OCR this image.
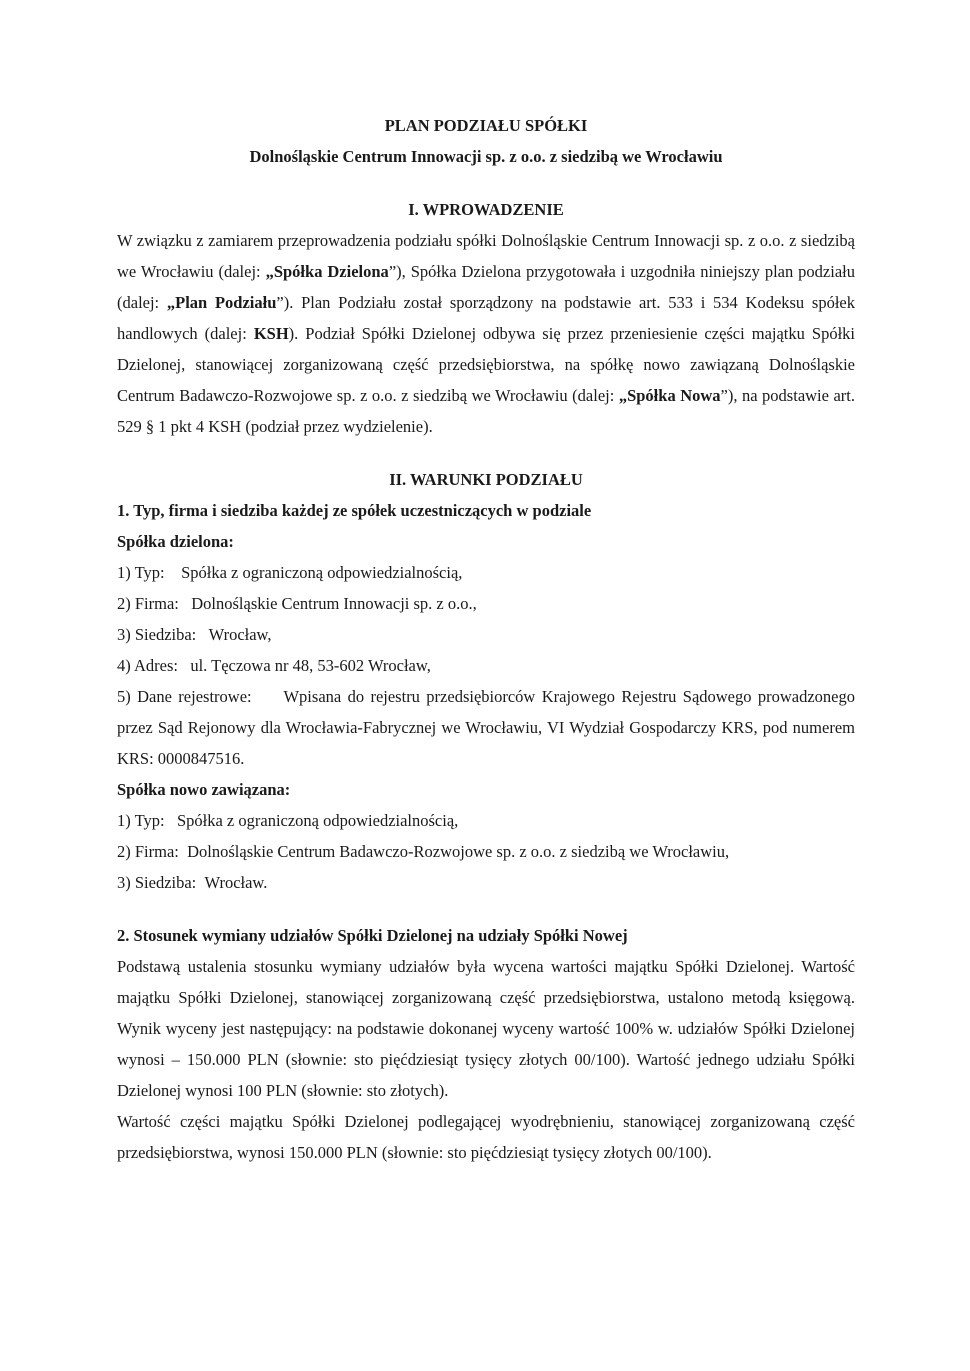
PLAN PODZIAŁU SPÓŁKI

Dolnośląskie Centrum Innowacji sp. z o.o. z siedzibą we Wrocławiu

I. WPROWADZENIE

W związku z zamiarem przeprowadzenia podziału spółki Dolnośląskie Centrum Innowacji sp. z o.o. z siedzibą we Wrocławiu (dalej: „Spółka Dzielona”), Spółka Dzielona przygotowała i uzgodniła niniejszy plan podziału (dalej: „Plan Podziału”). Plan Podziału został sporządzony na podstawie art. 533 i 534 Kodeksu spółek handlowych (dalej: KSH). Podział Spółki Dzielonej odbywa się przez przeniesienie części majątku Spółki Dzielonej, stanowiącej zorganizowaną część przedsiębiorstwa, na spółkę nowo zawiązaną Dolnośląskie Centrum Badawczo-Rozwojowe sp. z o.o. z siedzibą we Wrocławiu (dalej: „Spółka Nowa”), na podstawie art. 529 § 1 pkt 4 KSH (podział przez wydzielenie).

II. WARUNKI PODZIAŁU

1. Typ, firma i siedziba każdej ze spółek uczestniczących w podziale

Spółka dzielona:

1) Typ: Spółka z ograniczoną odpowiedzialnością,

2) Firma: Dolnośląskie Centrum Innowacji sp. z o.o.,

3) Siedziba: Wrocław,

4) Adres: ul. Tęczowa nr 48, 53-602 Wrocław,

5) Dane rejestrowe: Wpisana do rejestru przedsiębiorców Krajowego Rejestru Sądowego prowadzonego przez Sąd Rejonowy dla Wrocławia-Fabrycznej we Wrocławiu, VI Wydział Gospodarczy KRS, pod numerem KRS: 0000847516.

Spółka nowo zawiązana:

1) Typ: Spółka z ograniczoną odpowiedzialnością,

2) Firma: Dolnośląskie Centrum Badawczo-Rozwojowe sp. z o.o. z siedzibą we Wrocławiu,

3) Siedziba: Wrocław.

2. Stosunek wymiany udziałów Spółki Dzielonej na udziały Spółki Nowej

Podstawą ustalenia stosunku wymiany udziałów była wycena wartości majątku Spółki Dzielonej. Wartość majątku Spółki Dzielonej, stanowiącej zorganizowaną część przedsiębiorstwa, ustalono metodą księgową. Wynik wyceny jest następujący: na podstawie dokonanej wyceny wartość 100% w. udziałów Spółki Dzielonej wynosi – 150.000 PLN (słownie: sto pięćdziesiąt tysięcy złotych 00/100). Wartość jednego udziału Spółki Dzielonej wynosi 100 PLN (słownie: sto złotych).

Wartość części majątku Spółki Dzielonej podlegającej wyodrębnieniu, stanowiącej zorganizowaną część przedsiębiorstwa, wynosi 150.000 PLN (słownie: sto pięćdziesiąt tysięcy złotych 00/100).
